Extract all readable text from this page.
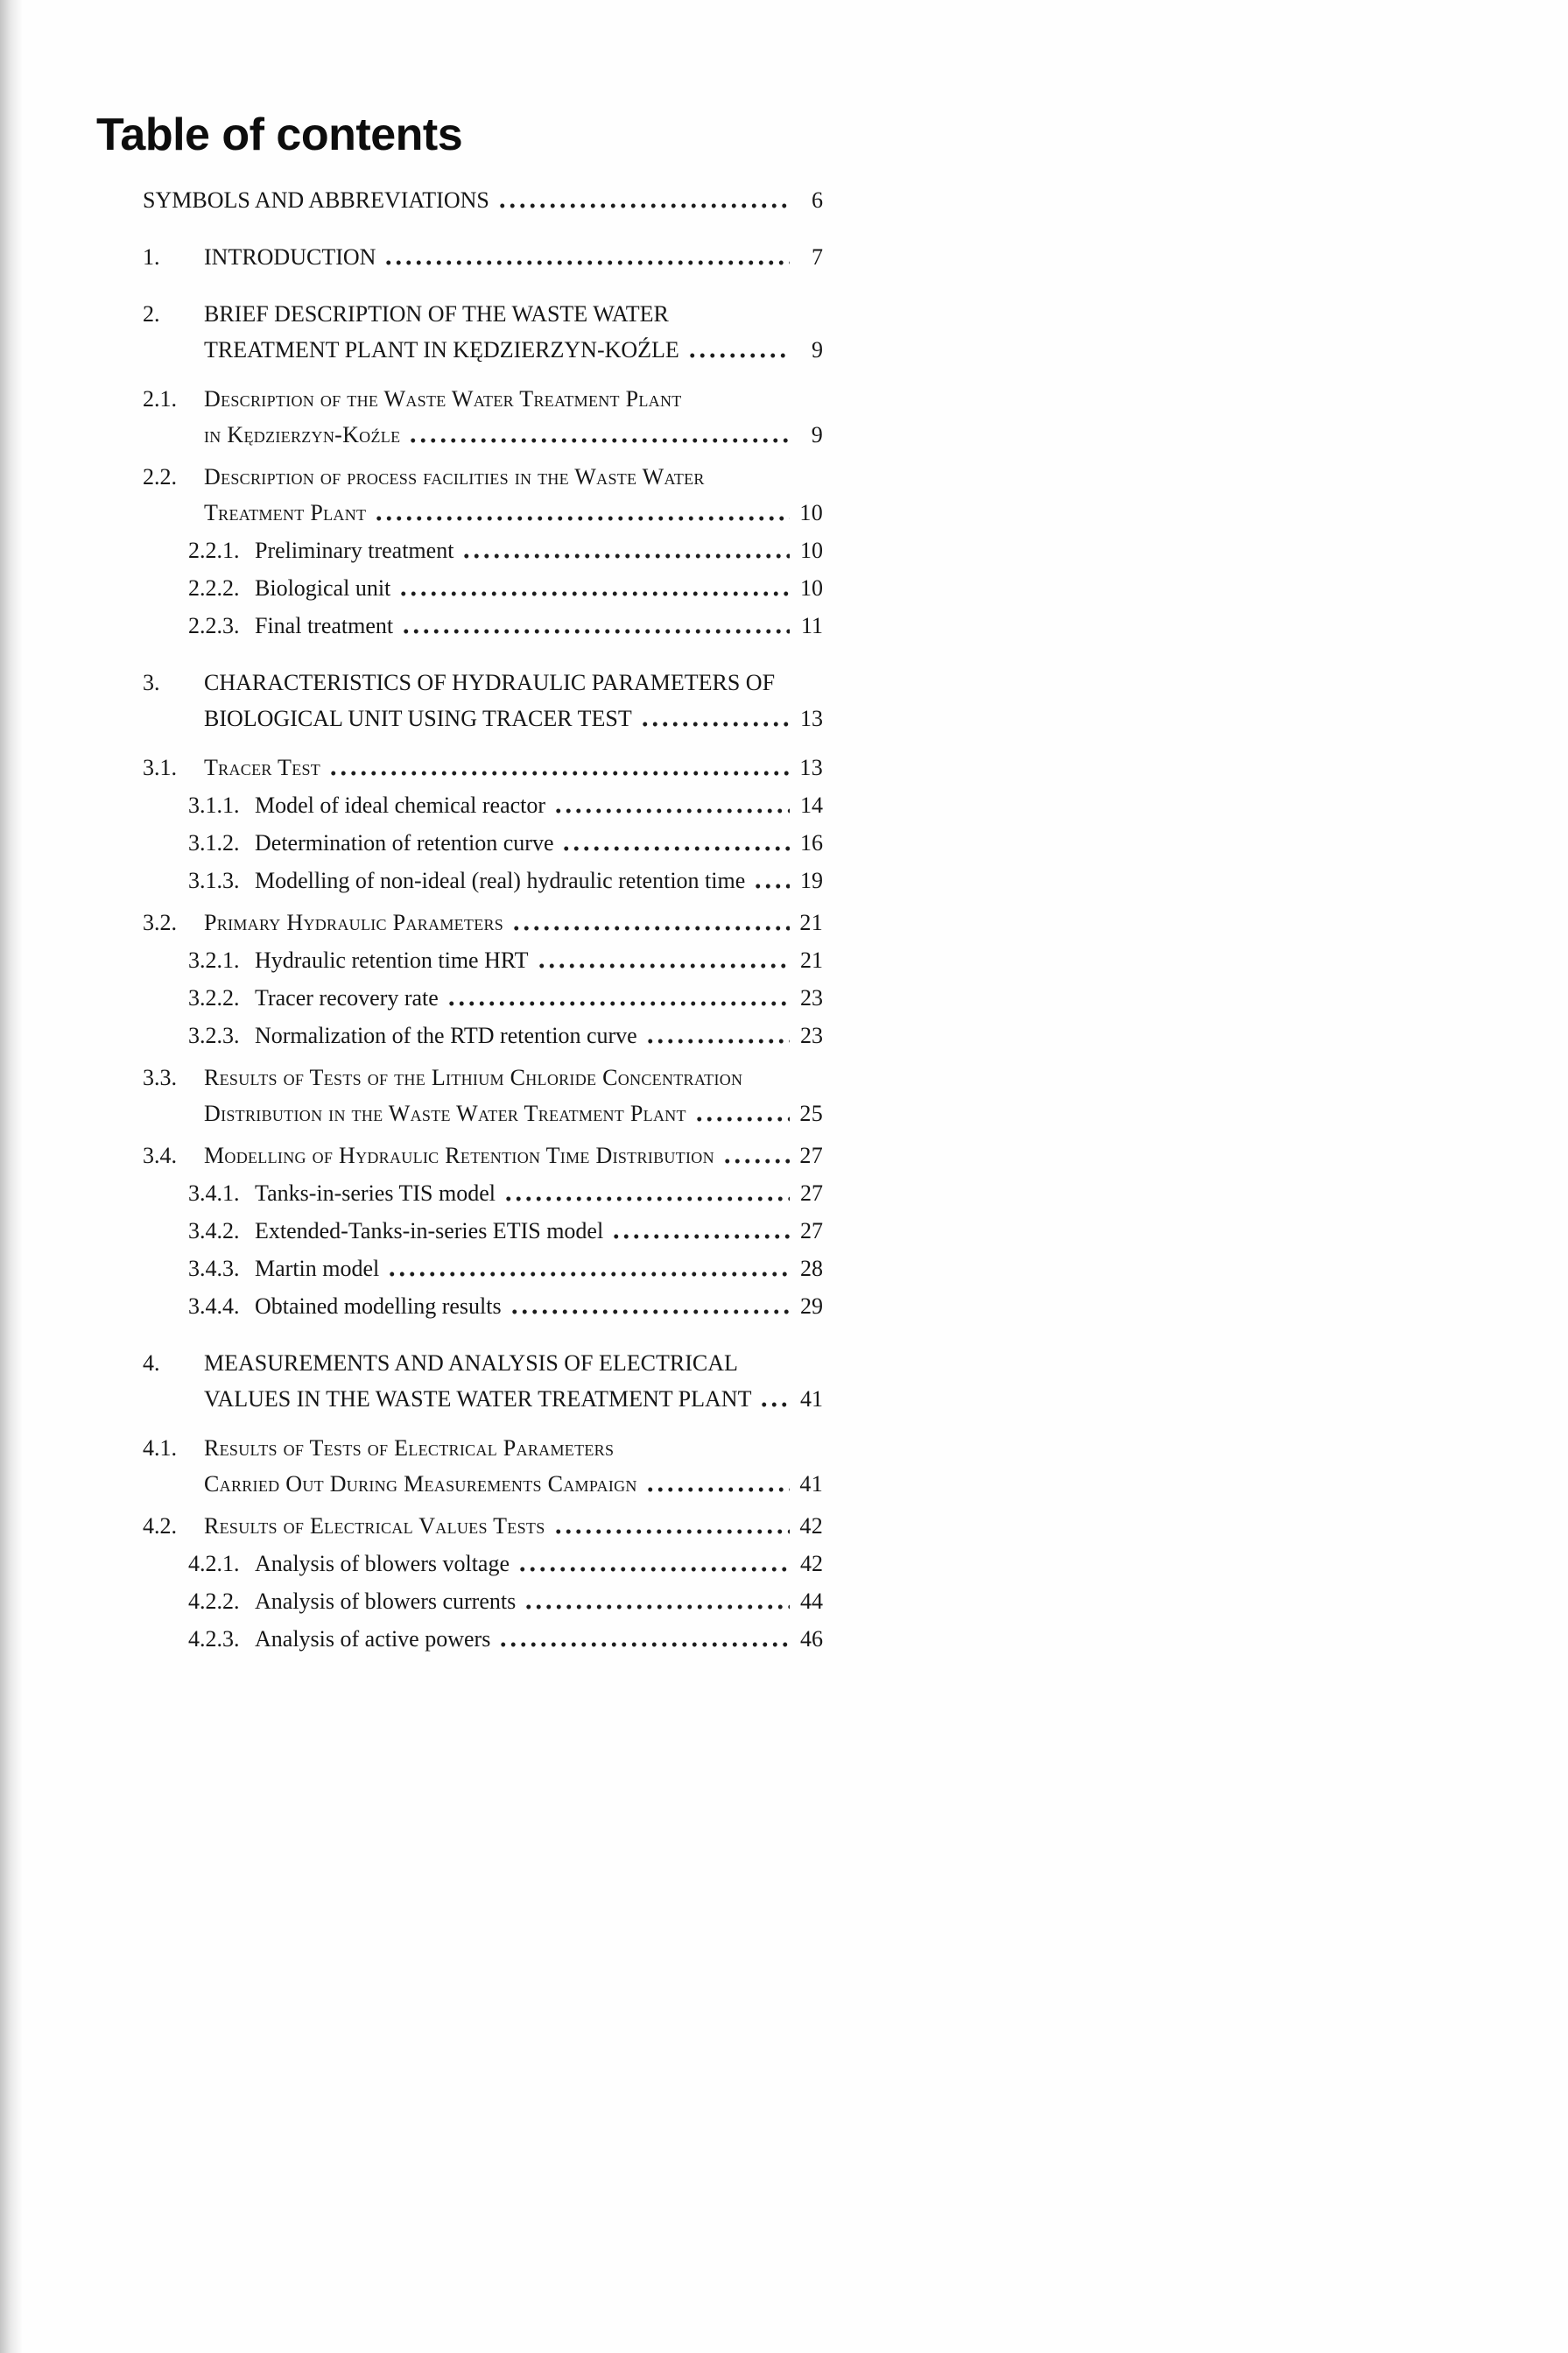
Table of contents
SYMBOLS AND ABBREVIATIONS	6
1.	INTRODUCTION	7
2.	BRIEF DESCRIPTION OF THE WASTE WATER
TREATMENT PLANT IN KĘDZIERZYN-KOŹLE	9
2.1.	Description of the Waste Water Treatment Plant
in Kędzierzyn-Koźle	9
2.2.	Description of process facilities in the Waste Water
Treatment Plant	10
2.2.1. Preliminary treatment	10
2.2.2. Biological unit	10
2.2.3. Final treatment	11
3.	CHARACTERISTICS OF HYDRAULIC PARAMETERS OF
BIOLOGICAL UNIT USING TRACER TEST	13
3.1.	Tracer Test	13
3.1.1. Model of ideal chemical reactor	14
3.1.2. Determination of retention curve	16
3.1.3. Modelling of non-ideal (real) hydraulic retention time	19
3.2.	Primary Hydraulic Parameters	21
3.2.1. Hydraulic retention time HRT	21
3.2.2. Tracer recovery rate	23
3.2.3. Normalization of the RTD retention curve	23
3.3.	Results of Tests of the Lithium Chloride Concentration
Distribution in the Waste Water Treatment Plant	25
3.4.	Modelling of Hydraulic Retention Time Distribution	27
3.4.1. Tanks-in-series TIS model	27
3.4.2. Extended-Tanks-in-series ETIS model	27
3.4.3. Martin model	28
3.4.4. Obtained modelling results	29
4.	MEASUREMENTS AND ANALYSIS OF ELECTRICAL
VALUES IN THE WASTE WATER TREATMENT PLANT	41
4.1.	Results of Tests of Electrical Parameters
Carried Out During Measurements Campaign	41
4.2.	Results of Electrical Values Tests	42
4.2.1. Analysis of blowers voltage	42
4.2.2. Analysis of blowers currents	44
4.2.3. Analysis of active powers	46
